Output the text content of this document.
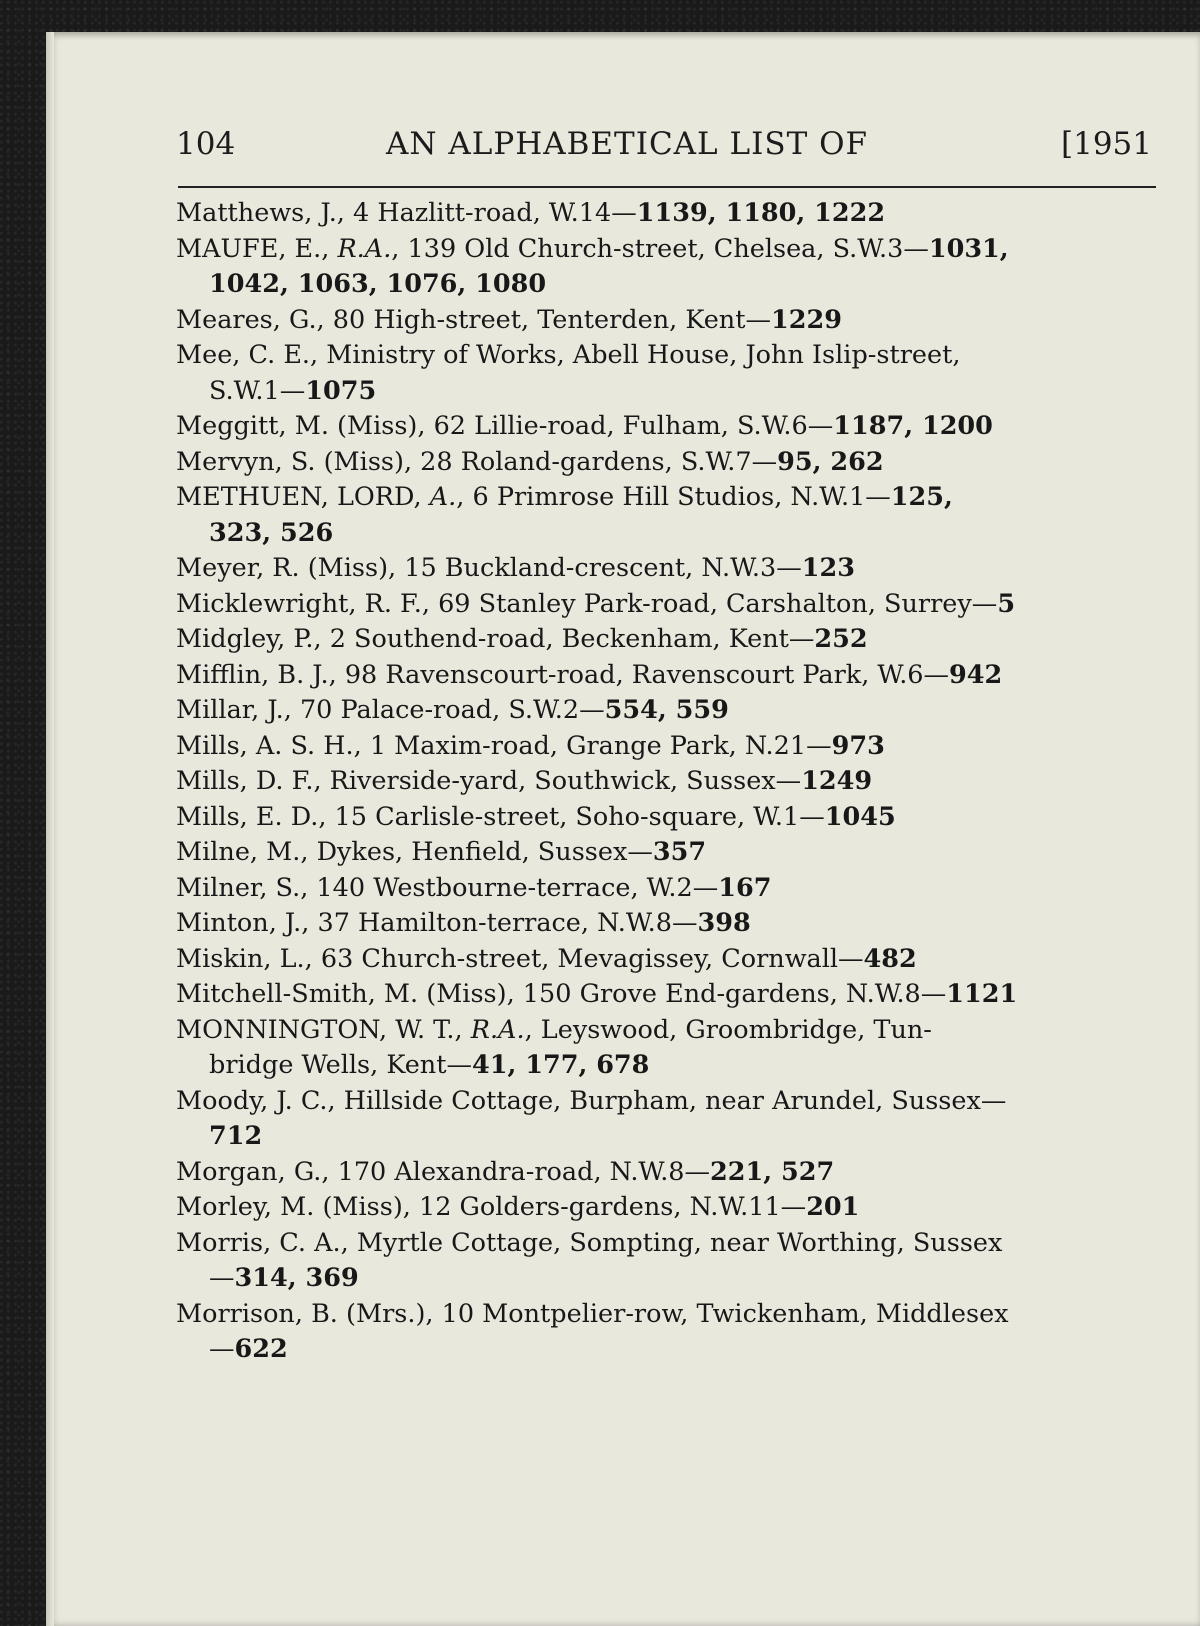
104	AN ALPHABETICAL LIST OF	[1951
Matthews, J., 4 Hazlitt-road, W.14—1139, 1180, 1222
MAUFE, E., R.A., 139 Old Church-street, Chelsea, S.W.3—1031,
1042, 1063, 1076, 1080
Meares, G., 80 High-street, Tenterden, Kent—1229
Mee, C. E., Ministry of Works, Abell House, John Islip-street,
S.W.1—1075
Meggitt, M. (Miss), 62 Lillie-road, Fulham, S.W.6—1187, 1200
Mervyn, S. (Miss), 28 Roland-gardens, S.W.7—95, 262
METHUEN, LORD, A., 6 Primrose Hill Studios, N.W.1—125,
323, 526
Meyer, R. (Miss), 15 Buckland-crescent, N.W.3—123
Micklewright, R. F., 69 Stanley Park-road, Carshalton, Surrey—5
Midgley, P., 2 Southend-road, Beckenham, Kent—252
Mifflin, B. J., 98 Ravenscourt-road, Ravenscourt Park, W.6—942
Millar, J., 70 Palace-road, S.W.2—554, 559
Mills, A. S. H., 1 Maxim-road, Grange Park, N.21—973
Mills, D. F., Riverside-yard, Southwick, Sussex—1249
Mills, E. D., 15 Carlisle-street, Soho-square, W.1—1045
Milne, M., Dykes, Henfield, Sussex—357
Milner, S., 140 Westbourne-terrace, W.2—167
Minton, J., 37 Hamilton-terrace, N.W.8—398
Miskin, L., 63 Church-street, Mevagissey, Cornwall—482
Mitchell-Smith, M. (Miss), 150 Grove End-gardens, N.W.8—1121
MONNINGTON, W. T., R.A., Leyswood, Groombridge, Tun-
bridge Wells, Kent—41, 177, 678
Moody, J. C., Hillside Cottage, Burpham, near Arundel, Sussex—
712
Morgan, G., 170 Alexandra-road, N.W.8—221, 527
Morley, M. (Miss), 12 Golders-gardens, N.W.11—201
Morris, C. A., Myrtle Cottage, Sompting, near Worthing, Sussex
—314, 369
Morrison, B. (Mrs.), 10 Montpelier-row, Twickenham, Middlesex
—622
